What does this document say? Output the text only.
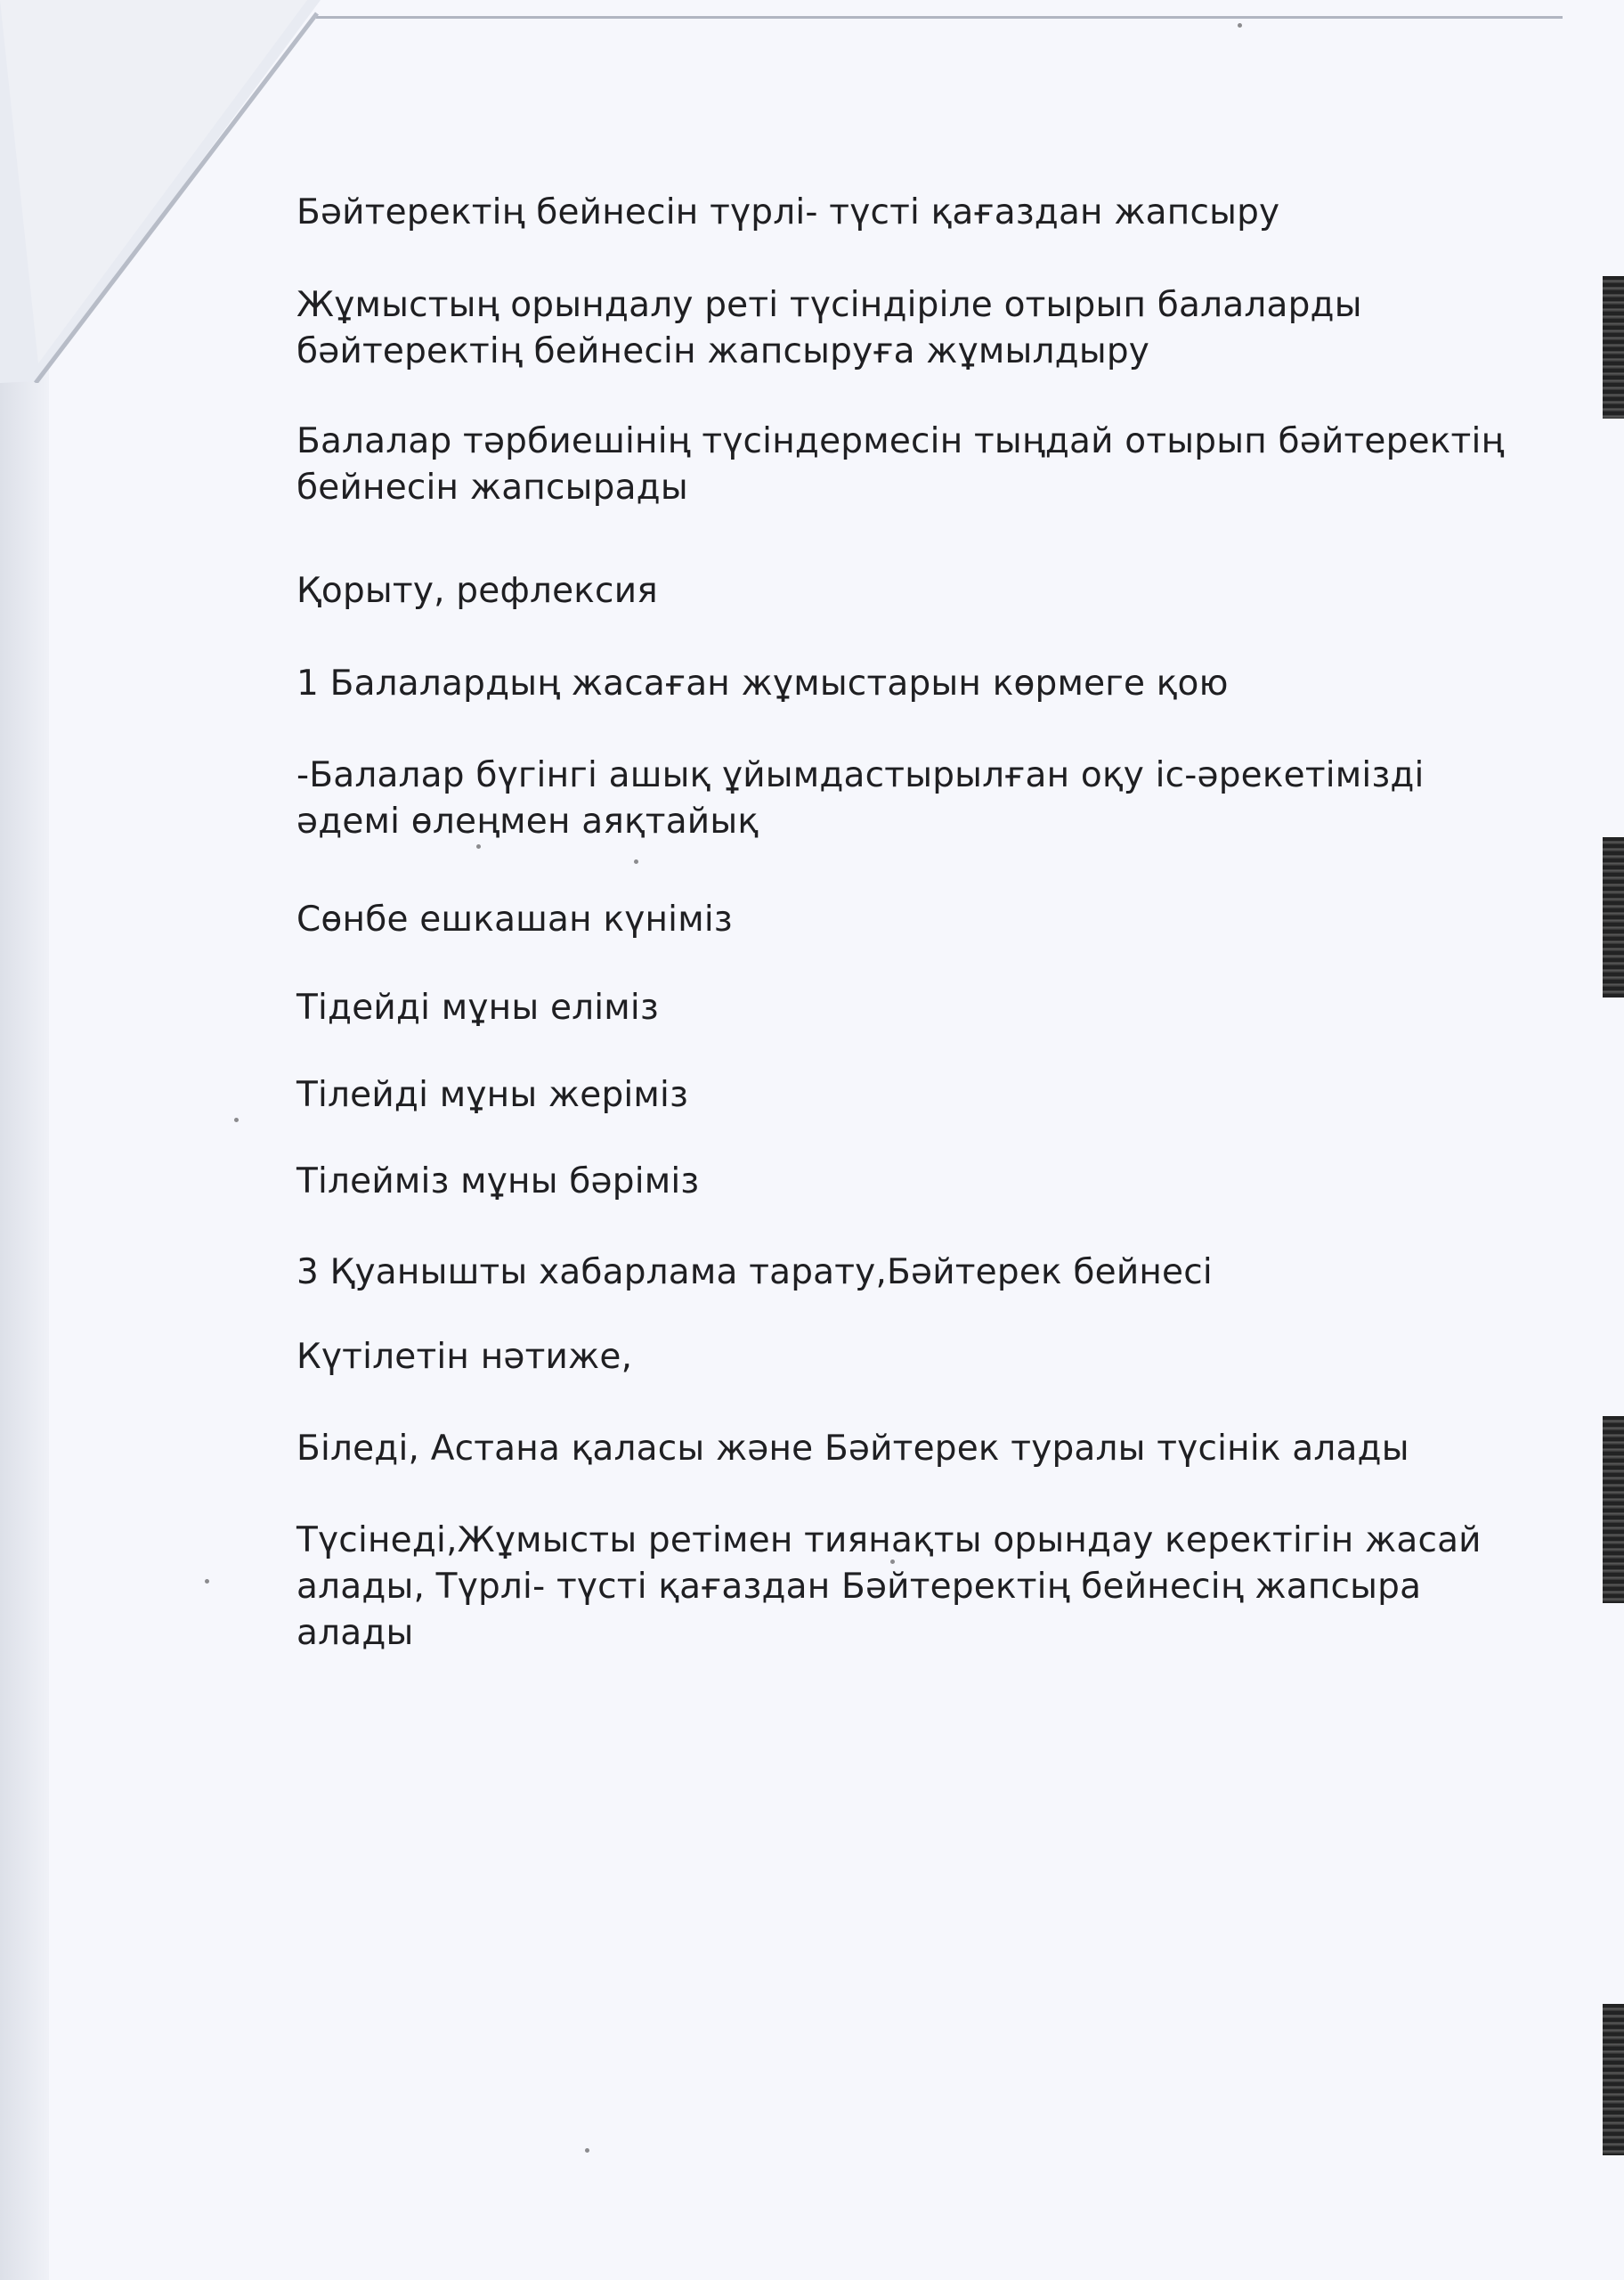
Бәйтеректің бейнесін түрлі- түсті қағаздан жапсыру

Жұмыстың орындалу реті түсіндіріле отырып балаларды
бәйтеректің бейнесін жапсыруға жұмылдыру

Балалар тәрбиешінің түсіндермесін тыңдай отырып бәйтеректің
бейнесін жапсырады

Қорыту, рефлексия

1 Балалардың жасаған жұмыстарын көрмеге қою

-Балалар бүгінгі ашық ұйымдастырылған оқу іс-әрекетімізді
әдемі өлеңмен аяқтайық

Сөнбе ешкашан күніміз

Тідейді мұны еліміз

Тілейді мұны жеріміз

Тілейміз мұны бәріміз

3 Қуанышты хабарлама тарату,Бәйтерек бейнесі

Күтілетін нәтиже,

Біледі, Астана қаласы және Бәйтерек туралы түсінік алады

Түсінеді,Жұмысты ретімен тиянақты орындау керектігін жасай
алады, Түрлі- түсті қағаздан Бәйтеректің бейнесің жапсыра
алады
